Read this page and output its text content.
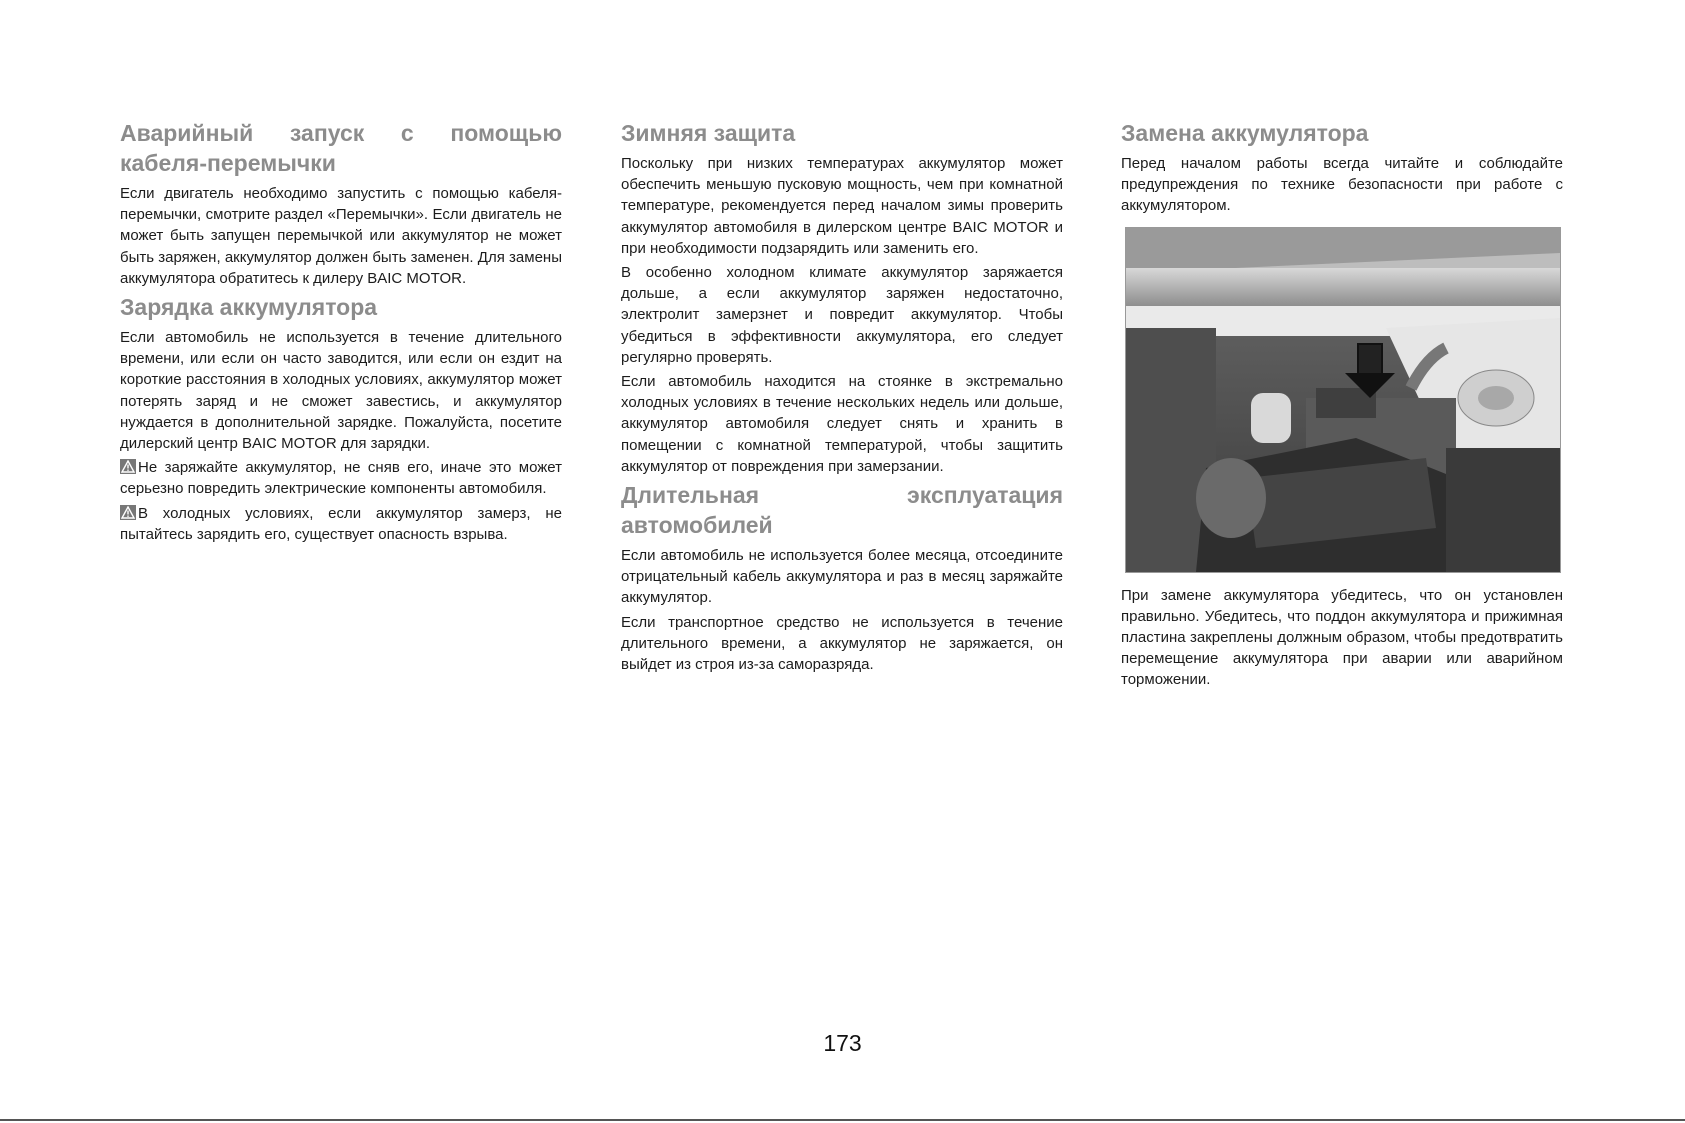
Аварийный запуск с помощью кабеля-перемычки

Если двигатель необходимо запустить с помощью кабеля-перемычки, смотрите раздел «Перемычки». Если двигатель не может быть запущен перемычкой или аккумулятор не может быть заряжен, аккумулятор должен быть заменен. Для замены аккумулятора обратитесь к дилеру BAIC MOTOR.

Зарядка аккумулятора

Если автомобиль не используется в течение длительного времени, или если он часто заводится, или если он ездит на короткие расстояния в холодных условиях, аккумулятор может потерять заряд и не сможет завестись, и аккумулятор нуждается в дополнительной зарядке. Пожалуйста, посетите дилерский центр BAIC MOTOR для зарядки.

Не заряжайте аккумулятор, не сняв его, иначе это может серьезно повредить электрические компоненты автомобиля.

В холодных условиях, если аккумулятор замерз, не пытайтесь зарядить его, существует опасность взрыва.

Зимняя защита

Поскольку при низких температурах аккумулятор может обеспечить меньшую пусковую мощность, чем при комнатной температуре, рекомендуется перед началом зимы проверить аккумулятор автомобиля в дилерском центре BAIC MOTOR и при необходимости подзарядить или заменить его.

В особенно холодном климате аккумулятор заряжается дольше, а если аккумулятор заряжен недостаточно, электролит замерзнет и повредит аккумулятор. Чтобы убедиться в эффективности аккумулятора, его следует регулярно проверять.

Если автомобиль находится на стоянке в экстремально холодных условиях в течение нескольких недель или дольше, аккумулятор автомобиля следует снять и хранить в помещении с комнатной температурой, чтобы защитить аккумулятор от повреждения при замерзании.

Длительная эксплуатация автомобилей

Если автомобиль не используется более месяца, отсоедините отрицательный кабель аккумулятора и раз в месяц заряжайте аккумулятор.

Если транспортное средство не используется в течение длительного времени, а аккумулятор не заряжается, он выйдет из строя из-за саморазряда.

Замена аккумулятора

Перед началом работы всегда читайте и соблюдайте предупреждения по технике безопасности при работе с аккумулятором.

При замене аккумулятора убедитесь, что он установлен правильно. Убедитесь, что поддон аккумулятора и прижимная пластина закреплены должным образом, чтобы предотвратить перемещение аккумулятора при аварии или аварийном торможении.

173
